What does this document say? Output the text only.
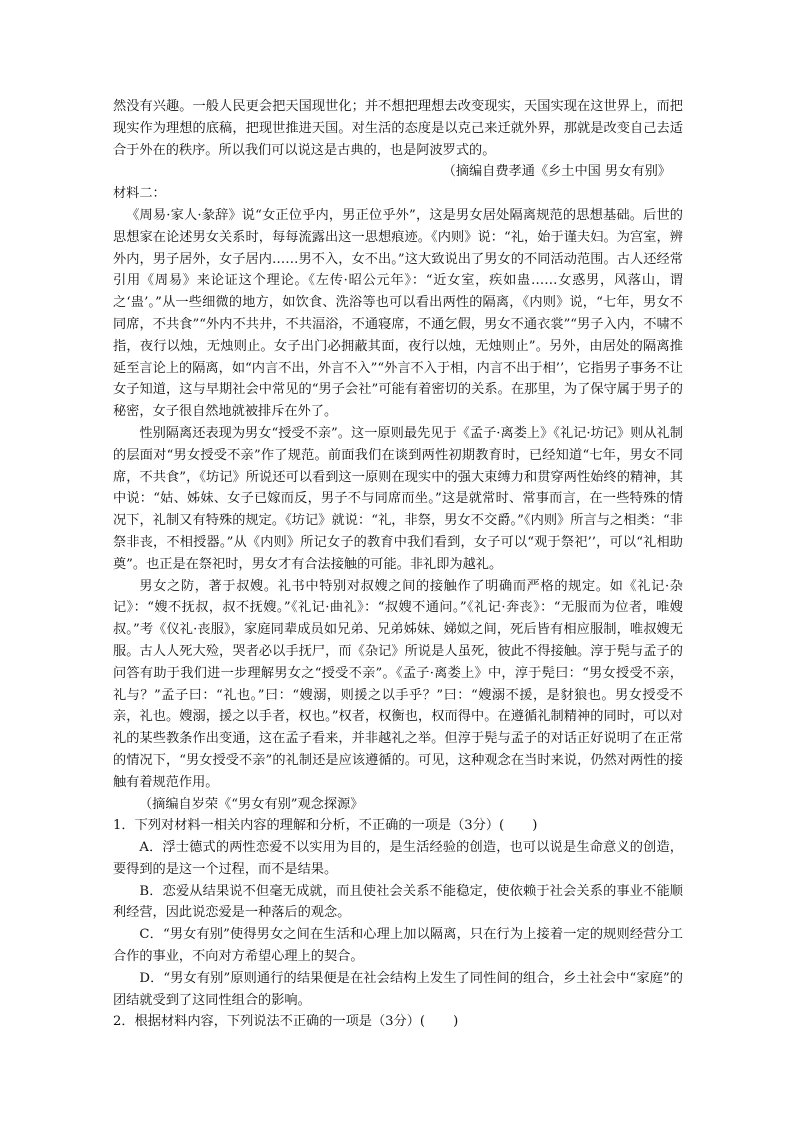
然没有兴趣。一般人民更会把天国现世化；并不想把理想去改变现实，天国实现在这世界上，而把现实作为理想的底稿，把现世推进天国。对生活的态度是以克己来迁就外界，那就是改变自己去适合于外在的秩序。所以我们可以说这是古典的，也是阿波罗式的。

（摘编自费孝通《乡土中国 男女有别》

材料二：

《周易·家人·彖辞》说“女正位乎内，男正位乎外”，这是男女居处隔离规范的思想基础。后世的思想家在论述男女关系时，每每流露出这一思想痕迹。《内则》说：“礼，始于谨夫妇。为宫室，辨外内，男子居外，女子居内……男不入，女不出。”这大致说出了男女的不同活动范围。古人还经常引用《周易》来论证这个理论。《左传·昭公元年》：“近女室，疾如蛊……女惑男，风落山，谓之‘蛊’。”从一些细微的地方，如饮食、洗浴等也可以看出两性的隔离，《内则》说，“七年，男女不同席，不共食”“外内不共井，不共湢浴，不通寝席，不通乞假，男女不通衣裳”“男子入内，不啸不指，夜行以烛，无烛则止。女子出门必拥蔽其面，夜行以烛，无烛则止”。另外，由居处的隔离推延至言论上的隔离，如“内言不出，外言不入”“外言不入于相，内言不出于相’’，它指男子事务不让女子知道，这与早期社会中常见的“男子会社”可能有着密切的关系。在那里，为了保守属于男子的秘密，女子很自然地就被排斥在外了。

性别隔离还表现为男女“授受不亲”。这一原则最先见于《孟子·离娄上》《礼记·坊记》则从礼制的层面对“男女授受不亲”作了规范。前面我们在谈到两性初期教育时，已经知道“七年，男女不同席，不共食”，《坊记》所说还可以看到这一原则在现实中的强大束缚力和贯穿两性始终的精神，其中说：“姑、姊妹、女子已嫁而反，男子不与同席而坐。”这是就常时、常事而言，在一些特殊的情况下，礼制又有特殊的规定。《坊记》就说：“礼，非祭，男女不交爵。”《内则》所言与之相类：“非祭非丧，不相授器。”从《内则》所记女子的教育中我们看到，女子可以“观于祭祀’’，可以“礼相助奠”。也正是在祭祀时，男女才有合法接触的可能。非礼即为越礼。

男女之防，著于叔嫂。礼书中特别对叔嫂之间的接触作了明确而严格的规定。如《礼记·杂记》：“嫂不抚叔，叔不抚嫂。”《礼记·曲礼》：“叔嫂不通问。”《礼记·奔丧》：“无服而为位者，唯嫂叔。”考《仪礼·丧服》，家庭同辈成员如兄弟、兄弟姊妹、娣姒之间，死后皆有相应服制，唯叔嫂无服。古人人死大殓，哭者必以手抚尸，而《杂记》所说是人虽死，彼此不得接触。淳于髡与孟子的问答有助于我们进一步理解男女之“授受不亲”。《孟子·离娄上》中，淳于髡曰：“男女授受不亲，礼与？”孟子曰：“礼也。”曰：“嫂溺，则援之以手乎？”曰：“嫂溺不援，是豺狼也。男女授受不亲，礼也。嫂溺，援之以手者，权也。”权者，权衡也，权而得中。在遵循礼制精神的同时，可以对礼的某些教条作出变通，这在孟子看来，并非越礼之举。但淳于髡与孟子的对话正好说明了在正常的情况下，“男女授受不亲”的礼制还是应该遵循的。可见，这种观念在当时来说，仍然对两性的接触有着规范作用。

（摘编自岁荣《“男女有别”观念探源》

1．下列对材料一相关内容的理解和分析，不正确的一项是（3分）( )

A．浮士德式的两性恋爱不以实用为目的，是生活经验的创造，也可以说是生命意义的创造，要得到的是这一个过程，而不是结果。

B．恋爱从结果说不但毫无成就，而且使社会关系不能稳定，使依赖于社会关系的事业不能顺利经营，因此说恋爱是一种落后的观念。

C．“男女有别”使得男女之间在生活和心理上加以隔离，只在行为上接着一定的规则经营分工合作的事业，不向对方希望心理上的契合。

D．“男女有别”原则通行的结果便是在社会结构上发生了同性间的组合，乡土社会中“家庭”的团结就受到了这同性组合的影响。

2．根据材料内容，下列说法不正确的一项是（3分）( )
